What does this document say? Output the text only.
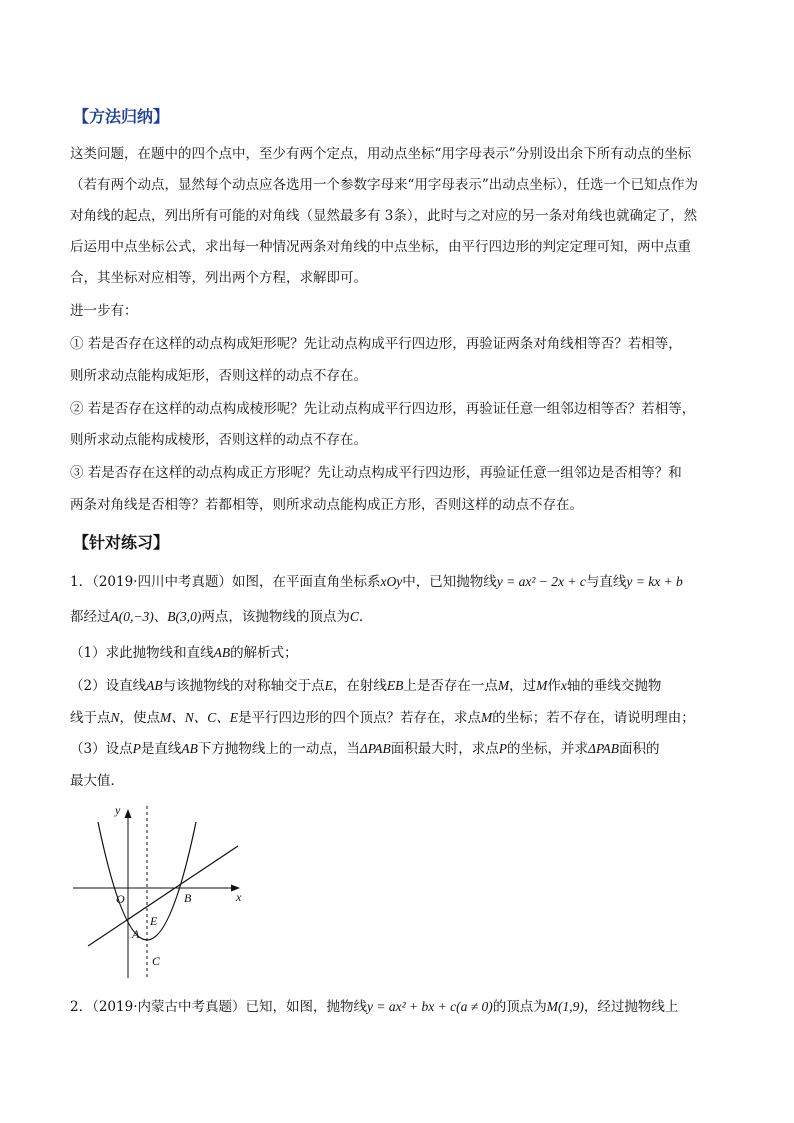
【方法归纳】
这类问题，在题中的四个点中，至少有两个定点，用动点坐标“用字母表示”分别设出余下所有动点的坐标
（若有两个动点，显然每个动点应各选用一个参数字母来“用字母表示”出动点坐标），任选一个已知点作为
对角线的起点，列出所有可能的对角线（显然最多有 3条），此时与之对应的另一条对角线也就确定了，然
后运用中点坐标公式，求出每一种情况两条对角线的中点坐标，由平行四边形的判定定理可知，两中点重
合，其坐标对应相等，列出两个方程，求解即可。
进一步有：
① 若是否存在这样的动点构成矩形呢？先让动点构成平行四边形，再验证两条对角线相等否？若相等，
则所求动点能构成矩形，否则这样的动点不存在。
② 若是否存在这样的动点构成棱形呢？先让动点构成平行四边形，再验证任意一组邻边相等否？若相等，
则所求动点能构成棱形，否则这样的动点不存在。
③ 若是否存在这样的动点构成正方形呢？先让动点构成平行四边形，再验证任意一组邻边是否相等？和
两条对角线是否相等？若都相等，则所求动点能构成正方形，否则这样的动点不存在。
【针对练习】
1．（2019·四川中考真题）如图，在平面直角坐标系xOy中，已知抛物线y = ax² − 2x + c与直线y = kx + b
都经过A(0,−3)、B(3,0)两点，该抛物线的顶点为C．
（1）求此抛物线和直线AB的解析式；
（2）设直线AB与该抛物线的对称轴交于点E，在射线EB上是否存在一点M，过M作x轴的垂线交抛物
线于点N，使点M、N、C、E是平行四边形的四个顶点？若存在，求点M的坐标；若不存在，请说明理由；
（3）设点P是直线AB下方抛物线上的一动点，当ΔPAB面积最大时，求点P的坐标，并求ΔPAB面积的
最大值．
y
x
O	B
E
A
C
2．（2019·内蒙古中考真题）已知，如图，抛物线y = ax² + bx + c(a ≠ 0)的顶点为M(1,9)，经过抛物线上
